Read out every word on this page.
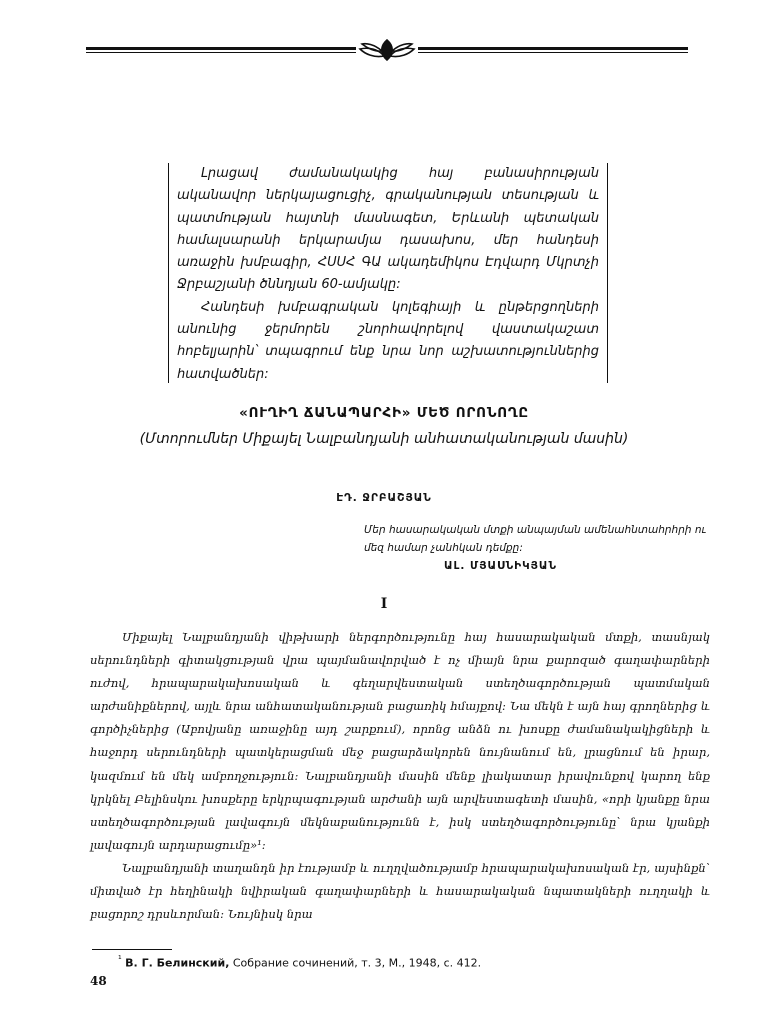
Լրացավ ժամանակակից հայ բանասիրության ականավոր ներկայացուցիչ, գրականության տեսության և պատմության հայտնի մասնագետ, Երևանի պետական համալսարանի երկարամյա դասախոս, մեր հանդեսի առաջին խմբագիր, ՀՍՍՀ ԳԱ ակադեմիկոս Էդվարդ Մկրտչի Ջրբաշյանի ծննդյան 60-ամյակը:

Հանդեսի խմբագրական կոլեգիայի և ընթերցողների անունից ջերմորեն շնորհավորելով վաստակաշատ հոբելյարին՝ տպագրում ենք նրա նոր աշխատություններից հատվածներ:

«ՈՒՂԻՂ ՃԱՆԱՊԱՐՀԻ» ՄԵԾ ՈՐՈՆՈՂԸ
(Մտորումներ Միքայել Նալբանդյանի անհատականության մասին)
ԷԴ. ՋՐԲԱՇՅԱՆ
Մեր հասարակական մտքի անպայման ամենահնտահրհրի ու մեզ համար չանհկան դեմքը:
ԱԼ. ՄՅԱՍՆԻԿՅԱՆ
I

Միքայել Նալբանդյանի վիթխարի ներգործությունը հայ հասարակական մտքի, տասնյակ սերունդների գիտակցության վրա պայմանավորված է ոչ միայն նրա քարոզած գաղափարների ուժով, հրապարակախոսական և գեղարվեստական ստեղծագործության պատմական արժանիքներով, այլև նրա անհատականության բացառիկ հմայքով: Նա մեկն է այն հայ գրողներից և գործիչներից (Աբովյանը առաջինը այդ շարքում), որոնց անձն ու խոսքը ժամանակակիցների և հաջորդ սերունդների պատկերացման մեջ բացարձակորեն նույնանում են, լրացնում են իրար, կազմում են մեկ ամբողջություն: Նալբանդյանի մասին մենք լիակատար իրավունքով կարող ենք կրկնել Բելինսկու խոսքերը երկրպագության արժանի այն արվեստագետի մասին, «որի կյանքը նրա ստեղծագործության լավագույն մեկնաբանությունն է, իսկ ստեղծագործությունը՝ նրա կյանքի լավագույն արդարացումը»¹:

Նալբանդյանի տաղանդն իր էությամբ և ուղղվածությամբ հրապարակախոսական էր, այսինքն՝ միտված էր հեղինակի նվիրական գաղափարների և հասարակական նպատակների ուղղակի և բացորոշ դրսևորման: Նույնիսկ նրա

$^{^1}$ В. Г. Белинский, Собрание сочинений, т. 3, М., 1948, с. 412.
48
